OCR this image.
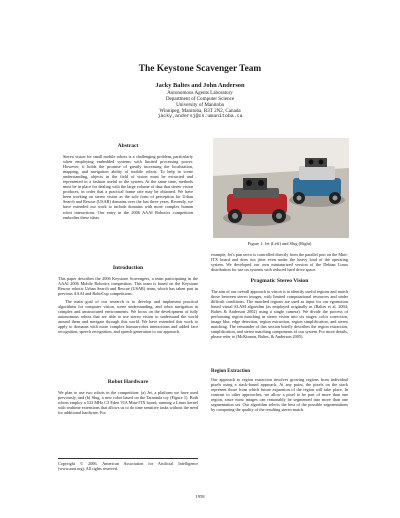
The Keystone Scavenger Team
Jacky Baltes and John Anderson
Autonomous Agents Laboratory
Department of Computer Science
University of Manitoba
Winnipeg, Manitoba, R3T 2N2, Canada
jacky,andersj@cs.umanitoba.ca
Abstract
Stereo vision for small mobile robots is a challenging problem, particularly when employing embedded systems with limited processing power. However, it holds the promise of greatly increasing the localization, mapping, and navigation ability of mobile robots. To help in scene understanding, objects in the field of vision must be extracted and represented in a fashion useful to the system. At the same time, methods must be in place for dealing with the large volume of data that stereo vision produces, in order that a practical frame rate may be obtained. We have been working on stereo vision as the sole form of perception for Urban Search and Rescue (USAR) domains over the last three years. Recently, we have extended our work to include domains with more complex human robot interactions. Our entry in the 2006 AAAI Robotics competition embodies these ideas.
Introduction
This paper describes the 2006 Keystone Scavengers, a team participating in the AAAI 2006 Mobile Robotics competition. This team is based on the Keystone Rescue robotic Urban Search and Rescue (USAR) team, which has taken part in previous AAAI and RoboCup competitions.
The main goal of our research is to develop and implement practical algorithms for computer vision, scene understanding, and robot navigation in complex and unstructured environments. We focus on the development of fully autonomous robots that are able to use stereo vision to understand the world around them and navigate through this world. We have extended this work to apply to domains with more complex human-robot interactions and added face recognition, speech recognition, and speech generation to our approach.
Robot Hardware
We plan to use two robots in the competition: (a) Jet, a platform we have used previously, and (b) Slug, a new robot based on the Tarantula toy (Figure 1). Both robots employ a 533 MHz C3 Eden VIA Mini-ITX board, running a Linux kernel with realtime extensions that allows us to do time sensitive tasks without the need for additional hardware. For
Copyright © 2006, American Association for Artificial Intelligence (www.aaai.org). All rights reserved.
Figure 1: Jet (Left) and Slug (Right)
example, Jet's pan servo is controlled directly from the parallel port on the Mini-ITX board and does not jitter even under the heavy load of the operating system. We developed our own miniaturized version of the Debian Linux distribution for use on systems with reduced hard drive space.
Pragmatic Stereo Vision
The aim of our overall approach to vision is to identify useful regions and match those between stereo images, with limited computational resources and under difficult conditions. The matched regions are used as input for our egomotion based visual SLAM algorithm (as employed originally in (Baltes et al. 2004; Baltes & Anderson 2002) using a single camera). We divide the process of performing region matching in stereo vision into six stages: color correction, image blur, edge detection, region extraction, region simplification, and stereo matching. The remainder of this section briefly describes the region extraction, simplification, and stereo matching components of our system. For more details, please refer to (McKinnon, Baltes, & Anderson 2005).
Region Extraction
Our approach to region extraction involves growing regions from individual pixels using a stack-based approach. At any point, the pixels on the stack represent those from which future expansion of the region will take place. In contrast to other approaches, we allow a pixel to be part of more than one region, since most images can reasonably be segmented into more than one segmentation set. Our algorithm selects the best of the possible segmentations by comparing the quality of the resulting stereo match.
1958
